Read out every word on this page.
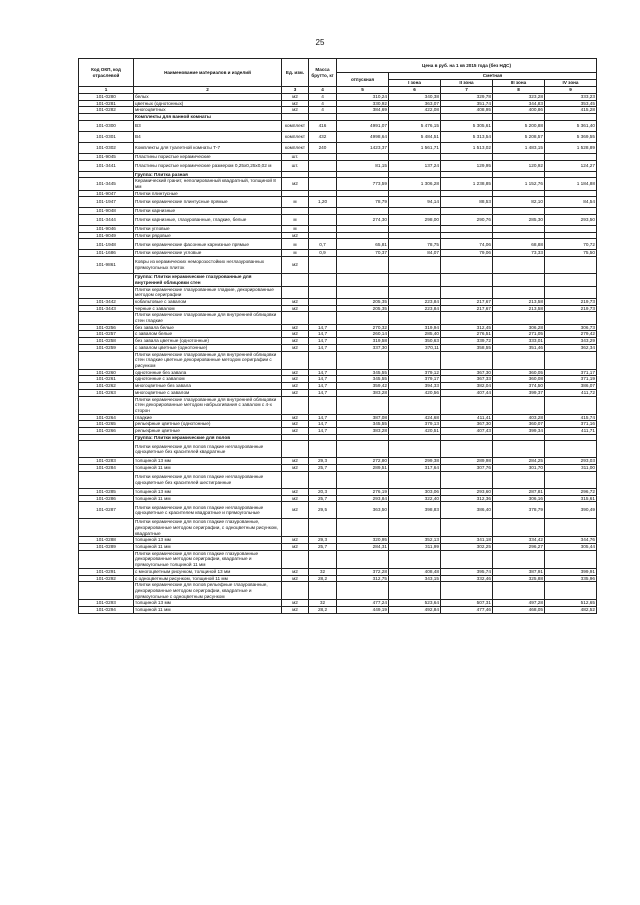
25
Код ОКП, код отраслевой	Наименование материалов и изделий	Ед. изм.	Масса брутто, кг	Цена в руб. на 1 кв 2015 года (без НДС)				
				отпускная	Сметная			
					I зона	II зона	III зона	IV зона
1	2	3	4	5	6	7	8	9
101-0280	белых	м2	4	310,24	340,38	329,78	323,28	333,23
101-0281	цветных (однотонных)	м2	4	330,92	363,07	351,74	344,83	353,45
101-0282	многоцветных	м2	4	384,69	422,08	408,95	400,86	415,28
	Комплекты для ванной комнаты							
101-0300	В3	комплект	416	4991,07	5 476,15	5 305,61	5 200,88	5 361,40
101-0301	В4	комплект	432	4998,64	5 484,51	5 313,54	5 208,57	5 369,55
101-0302	Комплекты для туалетной комнаты Т-7	комплект	240	1423,37	1 561,71	1 513,02	1 483,15	1 528,89
101-9045	Пластины пористые керамические	шт.						
101-3441	Пластины пористые керамические размером 0,25х0,25х0,02 м	шт.		81,15	137,24	129,95	120,92	124,27
	Группа: Плитка разная							
101-3445	Керамический гранит, неполированный квадратный, толщиной 8 мм	м2		773,59	1 306,28	1 238,85	1 152,76	1 184,88
101-9047	Плитки плинтусные							
101-1947	Плитки керамические плинтусные прямые	м	1,20	78,79	94,14	88,53	82,10	84,54
101-9048	Плитки карнизные							
101-3444	Плитки карнизные, глазурованные, гладкие, белые	м		274,30	298,00	290,76	285,30	293,50
101-9046	Плитки угловые	м						
101-9049	Плитки рядовые	м2						
101-1948	Плитки керамические фасонные карнизные прямые	м	0,7	65,81	78,75	74,06	68,88	70,72
101-1686	Плитки керамические угловые	м	0,9	70,37	84,07	79,06	73,33	75,50
101-9861	Ковры из керамических неморозостойких неглазурованных прямоугольных плиток	м2						
	Группа: Плитки керамические глазурованные для внутренней облицовки стен							
	Плитки керамические глазурованные гладкие, декорированные методом сериграфии							
101-3442	кобальтовые с завалом	м2		205,35	223,84	217,67	213,58	219,73
101-3443	черные с завалом	м2		205,35	223,84	217,67	213,58	219,73
	Плитки керамические глазурованные для внутренней облицовки стен гладкие							
101-0256	без завала белые	м2	14,7	270,32	319,94	312,45	306,28	306,73
101-0257	с завалом белые	м2	14,7	260,14	285,40	276,51	271,05	279,42
101-0258	без завала цветные (однотонные)	м2	14,7	319,58	350,63	339,72	333,01	343,29
101-0259	с завалом цветные (однотонные)	м2	14,7	337,30	370,11	358,55	351,46	362,34
	Плитки керамические глазурованные для внутренней облицовки стен гладкие цветные декорированные методом сериграфии с рисунком							
101-0260	однотонные без завала	м2	14,7	345,55	379,12	367,30	360,05	371,17
101-0261	однотонные с завалом	м2	14,7	345,55	379,17	367,33	360,08	371,19
101-0262	многоцветные без завала	м2	14,7	359,42	394,33	382,04	374,50	386,07
101-0263	многоцветные с завалом	м2	14,7	383,28	420,56	407,44	399,37	411,72
	Плитки керамические глазурованные для внутренней облицовки стен декорированные методом набрызгивания с завалом с 4-х сторон							
101-0264	гладкие	м2	14,7	387,08	424,68	411,41	403,28	415,74
101-0265	рельефные цветные (однотонные)	м2	14,7	345,55	379,13	367,30	360,07	371,16
101-0266	рельефные цветные	м2	14,7	383,28	420,51	407,43	399,34	411,71
	Группа: Плитки керамические для полов							
	Плитки керамические для полов гладкие неглазурованные одноцветные без красителей квадратные							
101-0283	толщиной 13 мм	м2	29,3	272,80	299,38	289,98	284,25	293,03
101-0284	толщиной 11 мм	м2	25,7	289,51	317,64	307,76	301,70	311,00
	Плитки керамические для полов гладкие неглазурованные одноцветные без красителей шестигранные							
101-0285	толщиной 13 мм	м2	20,3	276,19	303,06	293,60	287,81	296,72
101-0286	толщиной 11 мм	м2	25,7	293,84	322,40	312,36	306,16	315,61
101-0287	Плитки керамические для полов гладкие неглазурованные одноцветные с красителем квадратные и прямоугольные	м2	29,5	363,50	398,83	386,40	378,79	390,49
	Плитки керамические для полов гладкие глазурованные, декорированные методом сериграфии, с одноцветным рисунком, квадратные							
101-0288	толщиной 13 мм	м2	29,3	320,95	352,13	341,18	334,42	344,76
101-0289	толщиной 11 мм	м2	25,7	284,31	311,99	302,25	296,27	305,44
	Плитки керамические для полов гладкие глазурованные декорированные методом сериграфии, квадратные и прямоугольные толщиной 11 мм							
101-0291	с многоцветным рисунком, толщиной 13 мм	м2	32	372,28	408,48	395,74	387,91	399,91
101-0292	с одноцветным рисунком, толщиной 11 мм	м2	28,2	312,75	343,15	332,46	325,88	335,96
	Плитки керамические для полов рельефные глазурованные, декорированные методом сериграфии, квадратные и прямоугольные с одноцветным рисунком							
101-0293	толщиной 13 мм	м2	32	477,24	523,64	507,31	497,28	512,65
101-0294	толщиной 11 мм	м2	28,2	449,19	492,84	477,46	468,05	482,52
